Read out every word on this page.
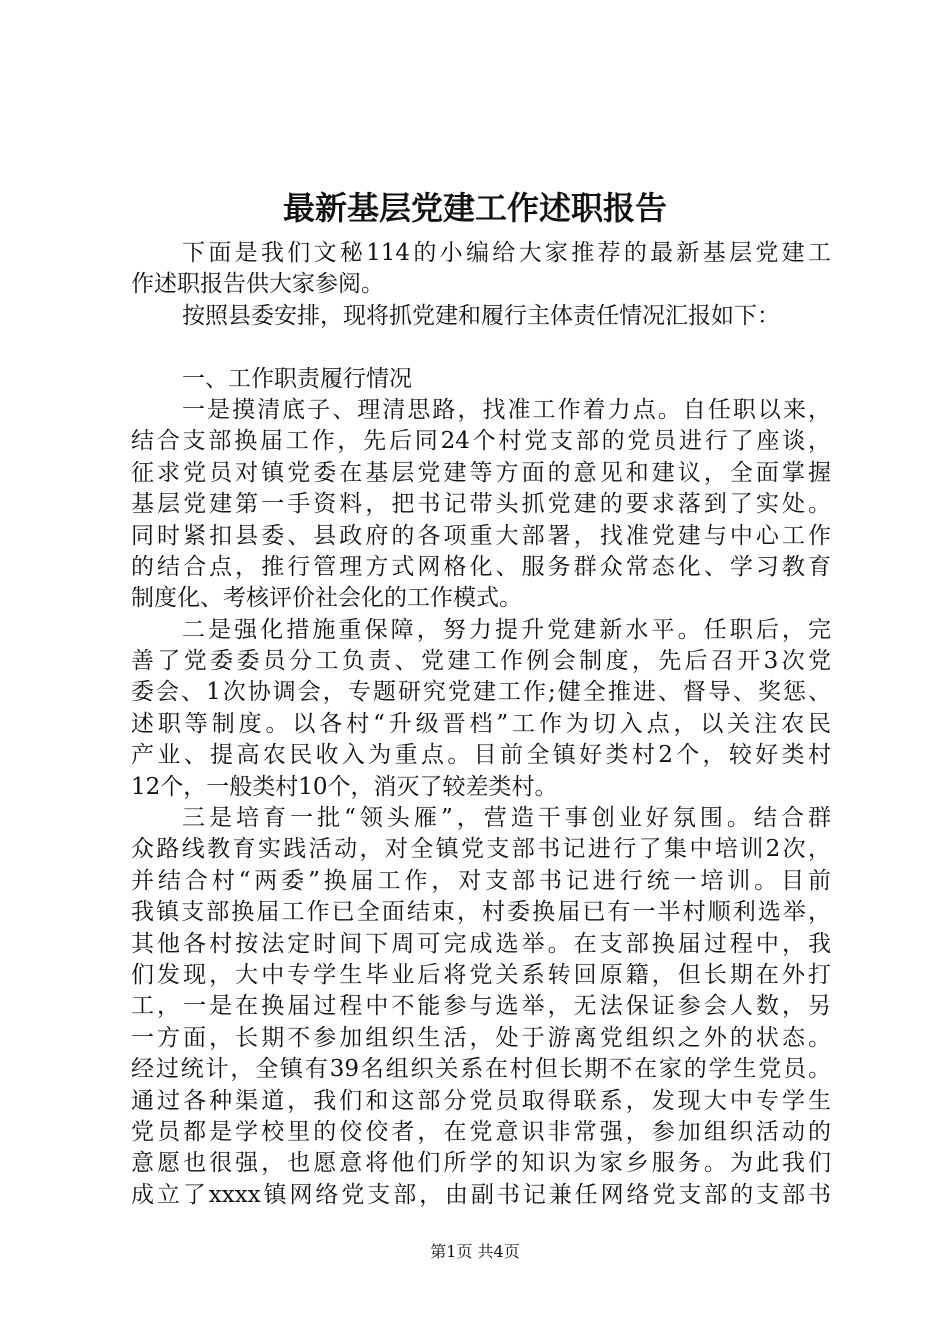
最新基层党建工作述职报告
下面是我们文秘114的小编给大家推荐的最新基层党建工
作述职报告供大家参阅。
按照县委安排，现将抓党建和履行主体责任情况汇报如下：
一、工作职责履行情况
一是摸清底子、理清思路，找准工作着力点。自任职以来，
结合支部换届工作，先后同24个村党支部的党员进行了座谈，
征求党员对镇党委在基层党建等方面的意见和建议，全面掌握
基层党建第一手资料，把书记带头抓党建的要求落到了实处。
同时紧扣县委、县政府的各项重大部署，找准党建与中心工作
的结合点，推行管理方式网格化、服务群众常态化、学习教育
制度化、考核评价社会化的工作模式。
二是强化措施重保障，努力提升党建新水平。任职后，完
善了党委委员分工负责、党建工作例会制度，先后召开3次党
委会、1次协调会，专题研究党建工作;健全推进、督导、奖惩、
述职等制度。以各村“升级晋档”工作为切入点，以关注农民
产业、提高农民收入为重点。目前全镇好类村2个，较好类村
12个，一般类村10个，消灭了较差类村。
三是培育一批“领头雁”，营造干事创业好氛围。结合群
众路线教育实践活动，对全镇党支部书记进行了集中培训2次，
并结合村“两委”换届工作，对支部书记进行统一培训。目前
我镇支部换届工作已全面结束，村委换届已有一半村顺利选举，
其他各村按法定时间下周可完成选举。在支部换届过程中，我
们发现，大中专学生毕业后将党关系转回原籍，但长期在外打
工，一是在换届过程中不能参与选举，无法保证参会人数，另
一方面，长期不参加组织生活，处于游离党组织之外的状态。
经过统计，全镇有39名组织关系在村但长期不在家的学生党员。
通过各种渠道，我们和这部分党员取得联系，发现大中专学生
党员都是学校里的佼佼者，在党意识非常强，参加组织活动的
意愿也很强，也愿意将他们所学的知识为家乡服务。为此我们
成立了xxxx镇网络党支部，由副书记兼任网络党支部的支部书
第1页 共4页
